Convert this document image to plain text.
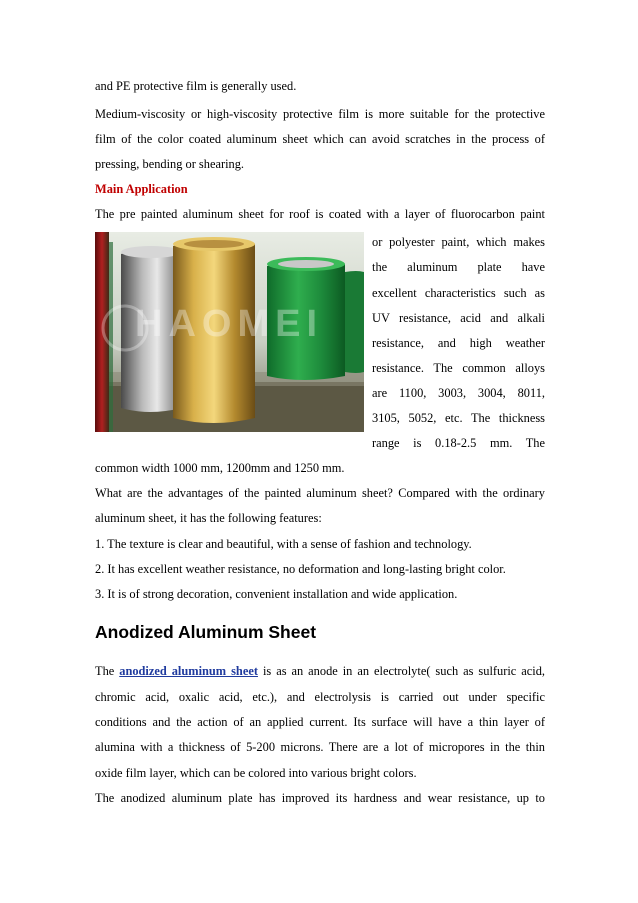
and PE protective film is generally used.
Medium-viscosity or high-viscosity protective film is more suitable for the protective
film of the color coated aluminum sheet which can avoid scratches in the process of
pressing, bending or shearing.
Main Application
The pre painted aluminum sheet for roof is coated with a layer of fluorocarbon paint
HAOMEI
or polyester paint, which makes
the aluminum plate have
excellent characteristics such as
UV resistance, acid and alkali
resistance, and high weather
resistance. The common alloys
are 1100, 3003, 3004, 8011,
3105, 5052, etc. The thickness
range is 0.18-2.5 mm. The
common width 1000 mm, 1200mm and 1250 mm.
What are the advantages of the painted aluminum sheet? Compared with the ordinary
aluminum sheet, it has the following features:
1. The texture is clear and beautiful, with a sense of fashion and technology.
2. It has excellent weather resistance, no deformation and long-lasting bright color.
3. It is of strong decoration, convenient installation and wide application.
Anodized Aluminum Sheet
The anodized aluminum sheet is as an anode in an electrolyte( such as sulfuric acid,
chromic acid, oxalic acid, etc.), and electrolysis is carried out under specific
conditions and the action of an applied current. Its surface will have a thin layer of
alumina with a thickness of 5-200 microns. There are a lot of micropores in the thin
oxide film layer, which can be colored into various bright colors.
The anodized aluminum plate has improved its hardness and wear resistance, up to
